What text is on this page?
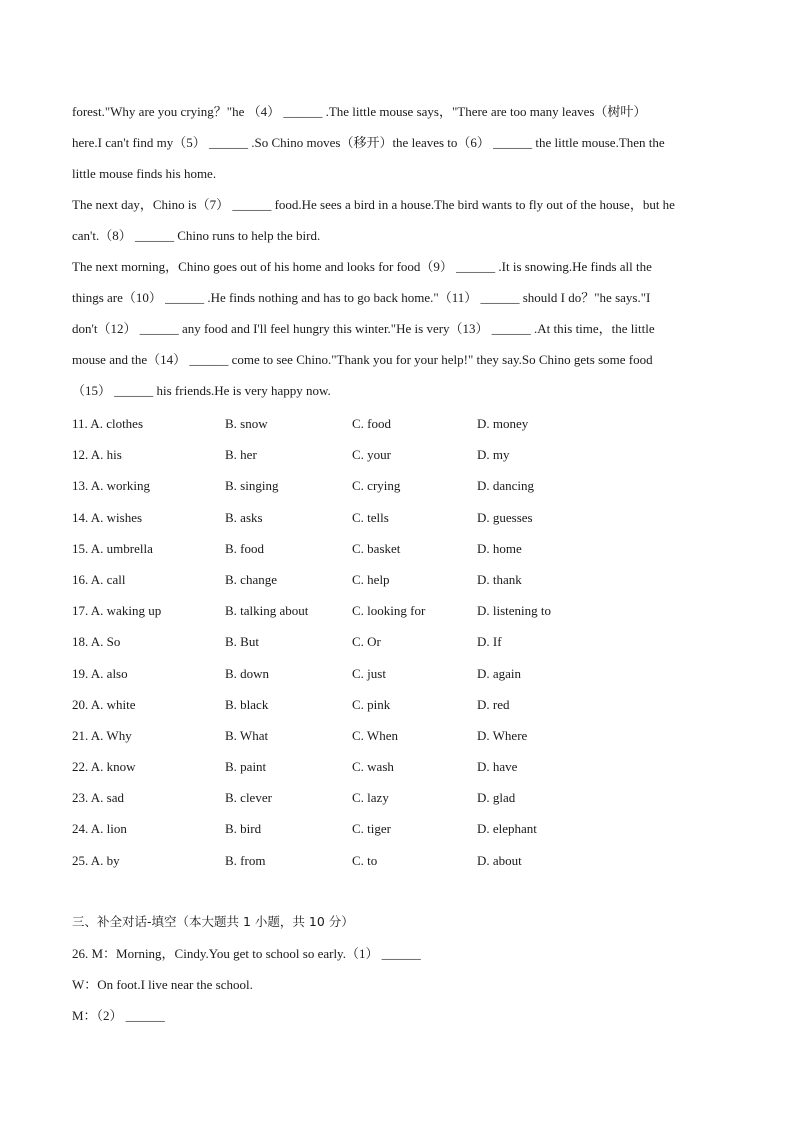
forest."Why are you crying？"he （4） ______ .The little mouse says，"There are too many leaves（树叶）
here.I can't find my（5） ______ .So Chino moves（移开）the leaves to（6） ______ the little mouse.Then the
little mouse finds his home.
The next day，Chino is（7） ______ food.He sees a bird in a house.The bird wants to fly out of the house，but he
can't.（8） ______ Chino runs to help the bird.
The next morning，Chino goes out of his home and looks for food（9） ______ .It is snowing.He finds all the
things are（10） ______ .He finds nothing and has to go back home."（11） ______ should I do？"he says."I
don't（12） ______ any food and I'll feel hungry this winter."He is very（13） ______ .At this time，the little
mouse and the（14） ______ come to see Chino."Thank you for your help!" they say.So Chino gets some food
（15） ______ his friends.He is very happy now.
11. A. clothes	B. snow	C. food	D. money
12. A. his	B. her	C. your	D. my
13. A. working	B. singing	C. crying	D. dancing
14. A. wishes	B. asks	C. tells	D. guesses
15. A. umbrella	B. food	C. basket	D. home
16. A. call	B. change	C. help	D. thank
17. A. waking up	B. talking about	C. looking for	D. listening to
18. A. So	B. But	C. Or	D. If
19. A. also	B. down	C. just	D. again
20. A. white	B. black	C. pink	D. red
21. A. Why	B. What	C. When	D. Where
22. A. know	B. paint	C. wash	D. have
23. A. sad	B. clever	C. lazy	D. glad
24. A. lion	B. bird	C. tiger	D. elephant
25. A. by	B. from	C. to	D. about
三、补全对话-填空（本大题共 1 小题，共 10 分）
26. M：Morning，Cindy.You get to school so early.（1） ______
W：On foot.I live near the school.
M：（2） ______
